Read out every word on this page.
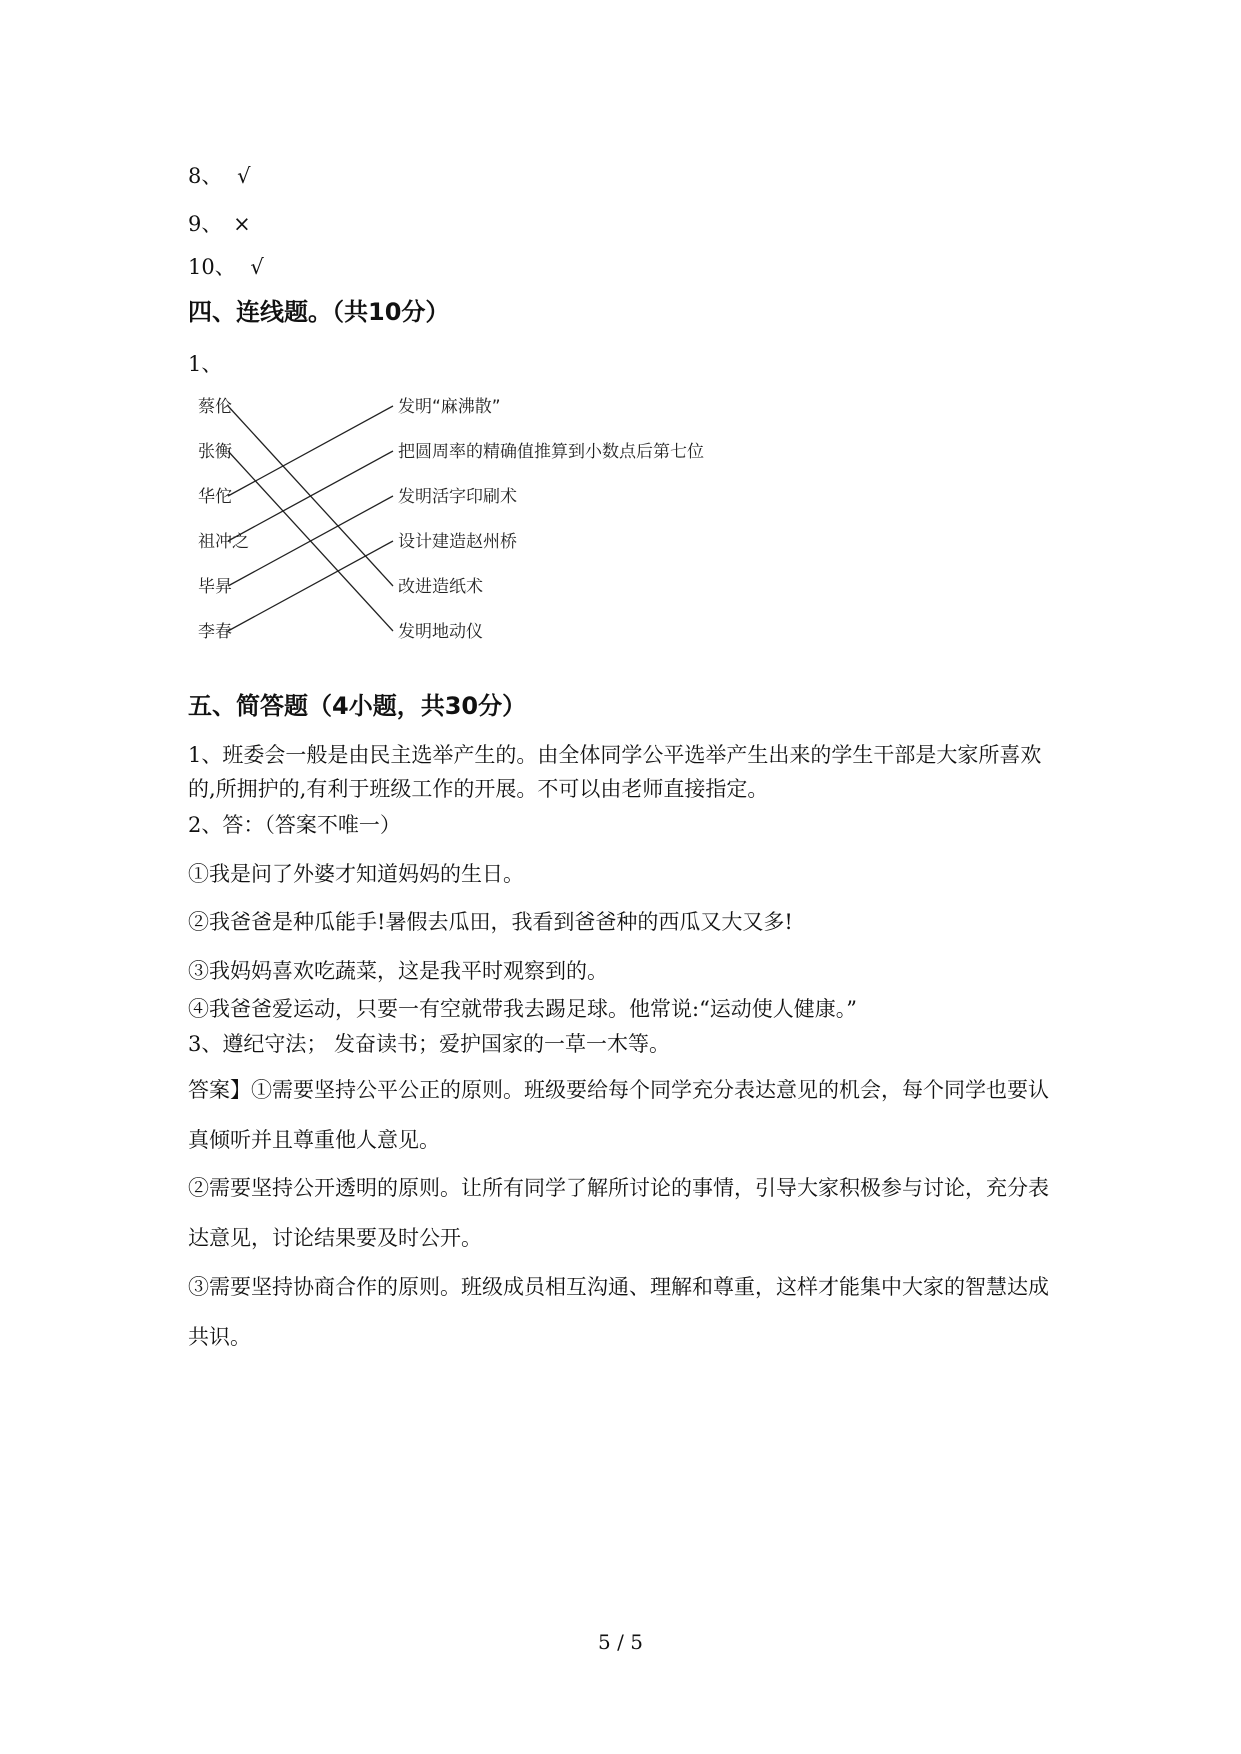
8、 √
9、 ×
10、 √
四、连线题。（共10分）
1、
蔡伦
张衡
华佗
祖冲之
毕昇
李春
发明“麻沸散”
把圆周率的精确值推算到小数点后第七位
发明活字印刷术
设计建造赵州桥
改进造纸术
发明地动仪
五、简答题（4小题，共30分）
1、班委会一般是由民主选举产生的。由全体同学公平选举产生出来的学生干部是大家所喜欢的,所拥护的,有利于班级工作的开展。不可以由老师直接指定。
2、答：（答案不唯一）
①我是问了外婆才知道妈妈的生日。
②我爸爸是种瓜能手!暑假去瓜田，我看到爸爸种的西瓜又大又多!
③我妈妈喜欢吃蔬菜，这是我平时观察到的。
④我爸爸爱运动，只要一有空就带我去踢足球。他常说:“运动使人健康。”
3、遵纪守法； 发奋读书；爱护国家的一草一木等。
答案】①需要坚持公平公正的原则。班级要给每个同学充分表达意见的机会，每个同学也要认真倾听并且尊重他人意见。
②需要坚持公开透明的原则。让所有同学了解所讨论的事情，引导大家积极参与讨论，充分表达意见，讨论结果要及时公开。
③需要坚持协商合作的原则。班级成员相互沟通、理解和尊重，这样才能集中大家的智慧达成共识。
5 / 5
